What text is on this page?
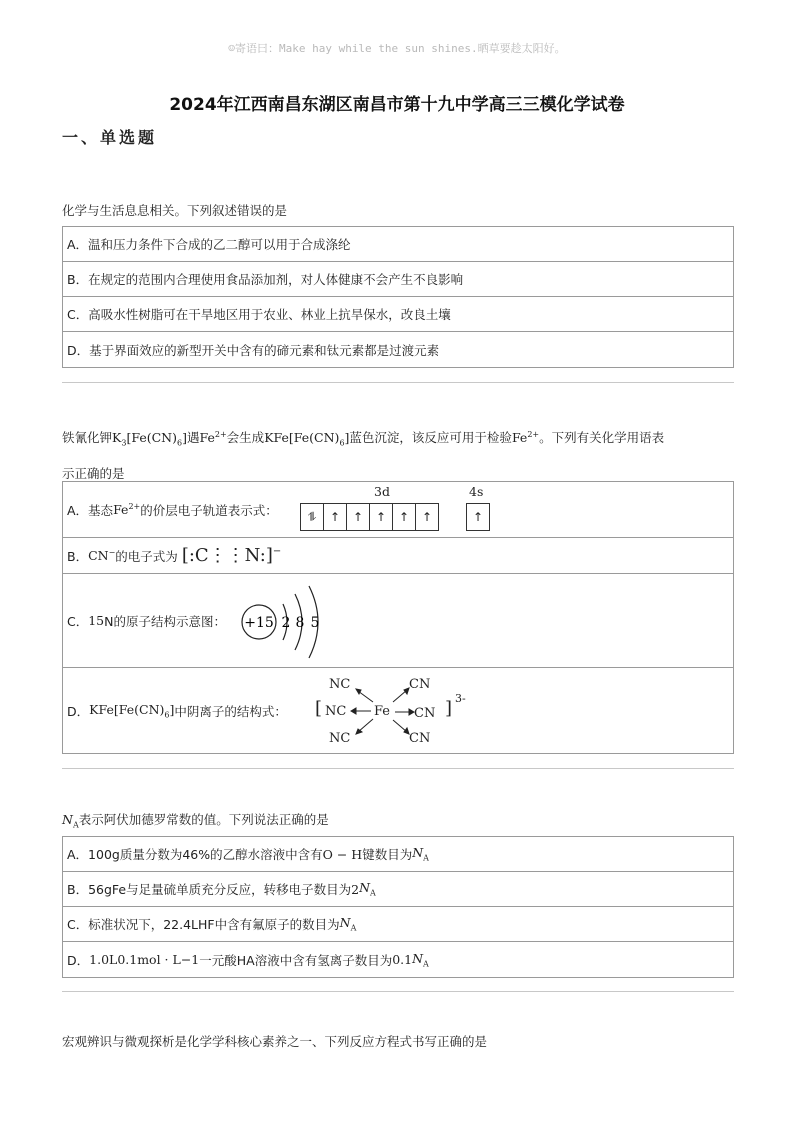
☺寄语曰：Make hay while the sun shines.晒草要趁太阳好。
2024年江西南昌东湖区南昌市第十九中学高三三模化学试卷
一、单选题
化学与生活息息相关。下列叙述错误的是
A．温和压力条件下合成的乙二醇可以用于合成涤纶
B．在规定的范围内合理使用食品添加剂，对人体健康不会产生不良影响
C．高吸水性树脂可在干旱地区用于农业、林业上抗旱保水，改良土壤
D．基于界面效应的新型开关中含有的碲元素和钛元素都是过渡元素
铁氰化钾$K_3[Fe(CN)_6]$遇$Fe^{2+}$会生成$KFe[Fe(CN)_6]$蓝色沉淀，该反应可用于检验$Fe^{2+}$。下列有关化学用语表
示正确的是
A．基态 $Fe^{2+}$ 的价层电子轨道表示式：
3d	4s
⥮	↑	↑	↑	↑	↑	↑
B． CN− 的电子式为 [:C⋮⋮N:]−
C． 15 N的原子结构示意图： +15 2 8 5
D． $KFe[Fe(CN)_6]$ 中阴离子的结构式： [
NC
NC
NC
Fe
CN
CN
CN
] 3-
$N_A$表示阿伏加德罗常数的值。下列说法正确的是
A．100g质量分数为46%的乙醇水溶液中含有 O − H 键数目为 $N_A$
B．56gFe与足量硫单质充分反应，转移电子数目为 2 $N_A$
C．标准状况下，22.4LHF中含有氟原子的数目为 $N_A$
D． 1.0L0.1mol · L −1 一元酸HA溶液中含有氢离子数目为 0.1 $N_A$
宏观辨识与微观探析是化学学科核心素养之一、下列反应方程式书写正确的是
